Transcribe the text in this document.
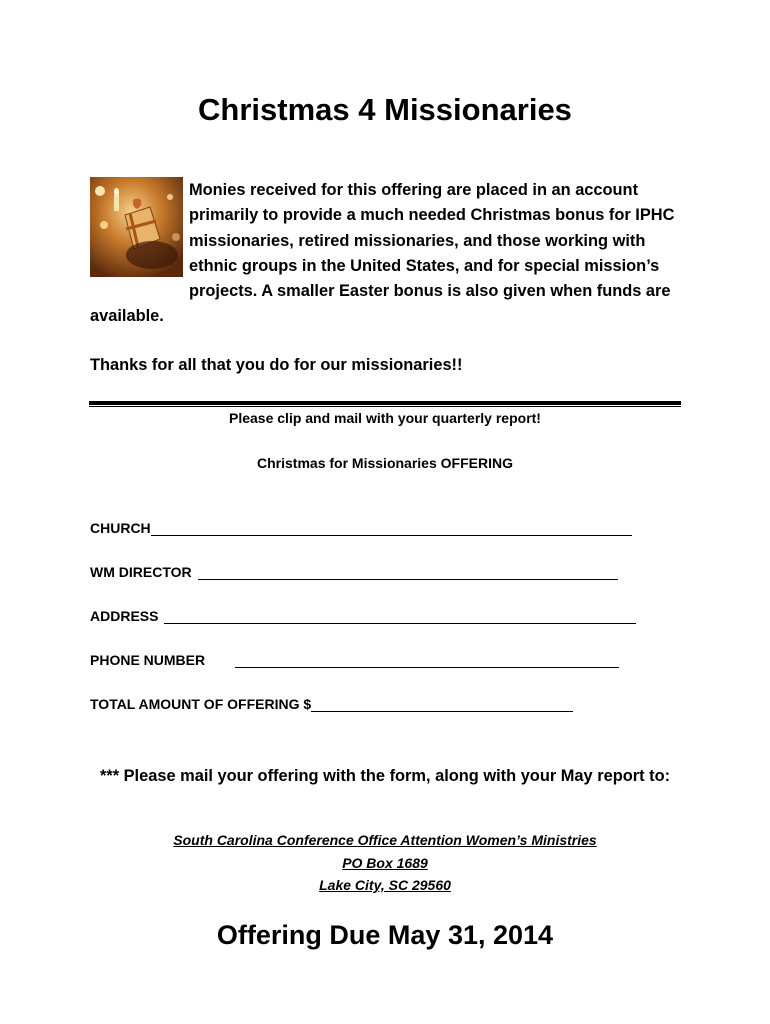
Christmas 4 Missionaries
Monies received for this offering are placed in an account primarily to provide a much needed Christmas bonus for IPHC missionaries, retired missionaries, and those working with ethnic groups in the United States, and for special mission’s projects. A smaller Easter bonus is also given when funds are available.
Thanks for all that you do for our missionaries!!
Please clip and mail with your quarterly report!
Christmas for Missionaries OFFERING
CHURCH
WM DIRECTOR
ADDRESS
PHONE NUMBER
TOTAL AMOUNT OF OFFERING $
*** Please mail your offering with the form, along with your May report to:
South Carolina Conference Office Attention Women’s Ministries
PO Box 1689
Lake City, SC 29560
Offering Due May 31, 2014
